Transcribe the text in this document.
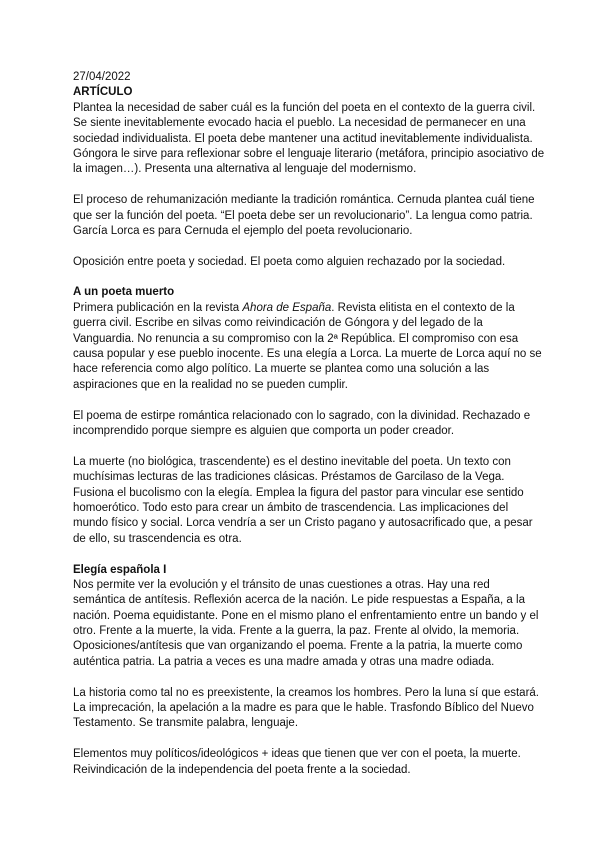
27/04/2022
ARTÍCULO
Plantea la necesidad de saber cuál es la función del poeta en el contexto de la guerra civil.
Se siente inevitablemente evocado hacia el pueblo. La necesidad de permanecer en una
sociedad individualista. El poeta debe mantener una actitud inevitablemente individualista.
Góngora le sirve para reflexionar sobre el lenguaje literario (metáfora, principio asociativo de
la imagen…). Presenta una alternativa al lenguaje del modernismo.
El proceso de rehumanización mediante la tradición romántica. Cernuda plantea cuál tiene
que ser la función del poeta. “El poeta debe ser un revolucionario”. La lengua como patria.
García Lorca es para Cernuda el ejemplo del poeta revolucionario.
Oposición entre poeta y sociedad. El poeta como alguien rechazado por la sociedad.
A un poeta muerto
Primera publicación en la revista Ahora de España. Revista elitista en el contexto de la
guerra civil. Escribe en silvas como reivindicación de Góngora y del legado de la
Vanguardia. No renuncia a su compromiso con la 2ª República. El compromiso con esa
causa popular y ese pueblo inocente. Es una elegía a Lorca. La muerte de Lorca aquí no se
hace referencia como algo político. La muerte se plantea como una solución a las
aspiraciones que en la realidad no se pueden cumplir.
El poema de estirpe romántica relacionado con lo sagrado, con la divinidad. Rechazado e
incomprendido porque siempre es alguien que comporta un poder creador.
La muerte (no biológica, trascendente) es el destino inevitable del poeta. Un texto con
muchísimas lecturas de las tradiciones clásicas. Préstamos de Garcilaso de la Vega.
Fusiona el bucolismo con la elegía. Emplea la figura del pastor para vincular ese sentido
homoerótico. Todo esto para crear un ámbito de trascendencia. Las implicaciones del
mundo físico y social. Lorca vendría a ser un Cristo pagano y autosacrificado que, a pesar
de ello, su trascendencia es otra.
Elegía española I
Nos permite ver la evolución y el tránsito de unas cuestiones a otras. Hay una red
semántica de antítesis. Reflexión acerca de la nación. Le pide respuestas a España, a la
nación. Poema equidistante. Pone en el mismo plano el enfrentamiento entre un bando y el
otro. Frente a la muerte, la vida. Frente a la guerra, la paz. Frente al olvido, la memoria.
Oposiciones/antítesis que van organizando el poema. Frente a la patria, la muerte como
auténtica patria. La patria a veces es una madre amada y otras una madre odiada.
La historia como tal no es preexistente, la creamos los hombres. Pero la luna sí que estará.
La imprecación, la apelación a la madre es para que le hable. Trasfondo Bíblico del Nuevo
Testamento. Se transmite palabra, lenguaje.
Elementos muy políticos/ideológicos + ideas que tienen que ver con el poeta, la muerte.
Reivindicación de la independencia del poeta frente a la sociedad.
